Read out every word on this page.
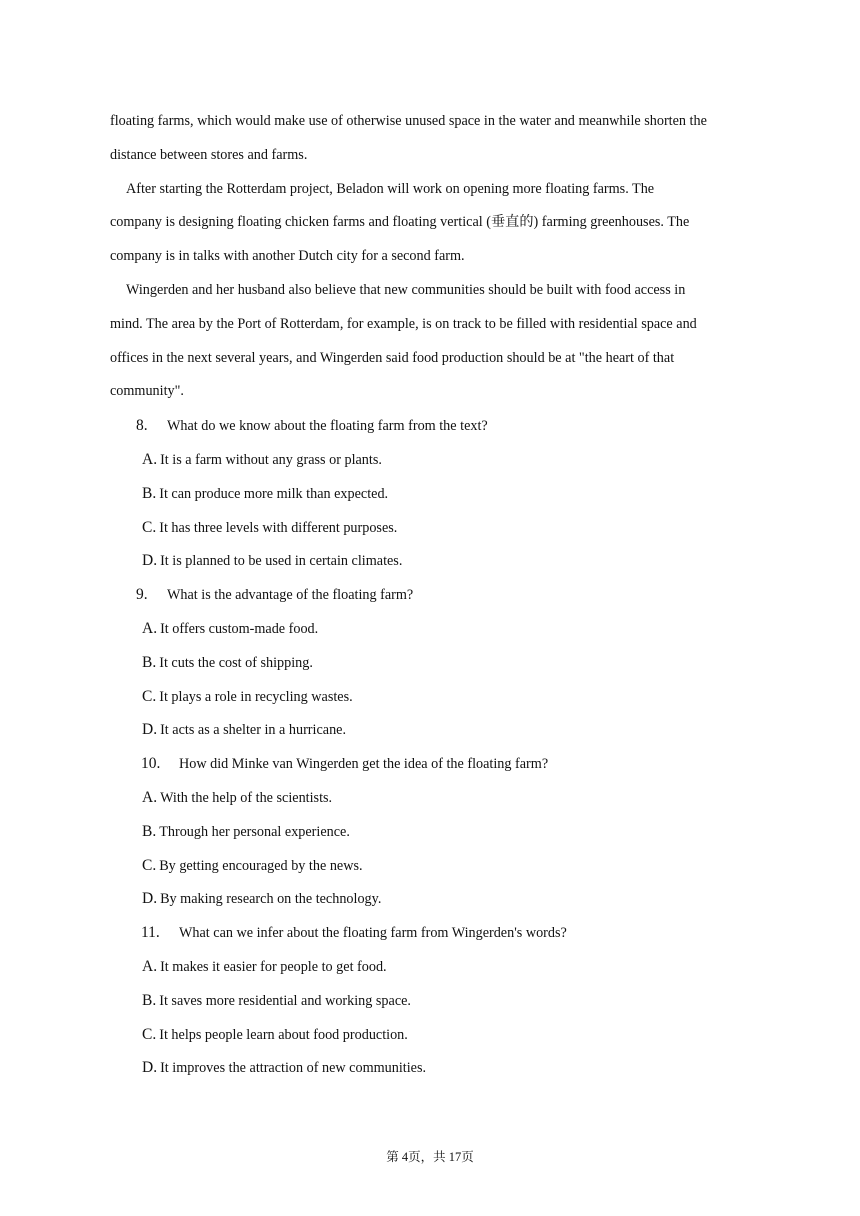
floating farms, which would make use of otherwise unused space in the water and meanwhile shorten the
distance between stores and farms.
After starting the Rotterdam project, Beladon will work on opening more floating farms. The
company is designing floating chicken farms and floating vertical (垂直的) farming greenhouses. The
company is in talks with another Dutch city for a second farm.
Wingerden and her husband also believe that new communities should be built with food access in
mind. The area by the Port of Rotterdam, for example, is on track to be filled with residential space and
offices in the next several years, and Wingerden said food production should be at "the heart of that
community".
8. What do we know about the floating farm from the text?
A. It is a farm without any grass or plants.
B. It can produce more milk than expected.
C. It has three levels with different purposes.
D. It is planned to be used in certain climates.
9. What is the advantage of the floating farm?
A. It offers custom-made food.
B. It cuts the cost of shipping.
C. It plays a role in recycling wastes.
D. It acts as a shelter in a hurricane.
10. How did Minke van Wingerden get the idea of the floating farm?
A. With the help of the scientists.
B. Through her personal experience.
C. By getting encouraged by the news.
D. By making research on the technology.
11. What can we infer about the floating farm from Wingerden's words?
A. It makes it easier for people to get food.
B. It saves more residential and working space.
C. It helps people learn about food production.
D. It improves the attraction of new communities.
第 4页，共 17页
